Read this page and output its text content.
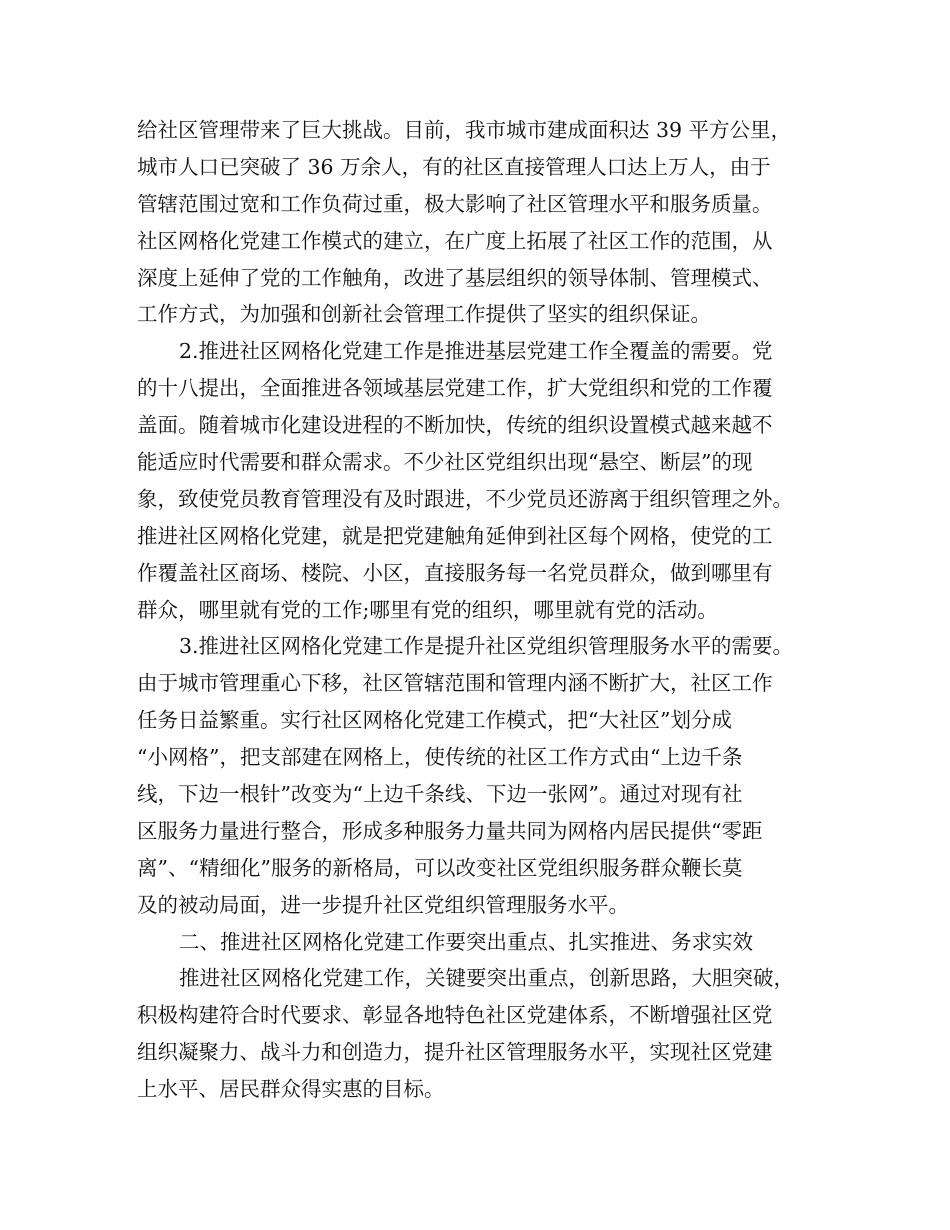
给社区管理带来了巨大挑战。目前，我市城市建成面积达 39 平方公里，

城市人口已突破了 36 万余人，有的社区直接管理人口达上万人，由于

管辖范围过宽和工作负荷过重，极大影响了社区管理水平和服务质量。

社区网格化党建工作模式的建立，在广度上拓展了社区工作的范围，从

深度上延伸了党的工作触角，改进了基层组织的领导体制、管理模式、

工作方式，为加强和创新社会管理工作提供了坚实的组织保证。

2.推进社区网格化党建工作是推进基层党建工作全覆盖的需要。党

的十八提出，全面推进各领域基层党建工作，扩大党组织和党的工作覆

盖面。随着城市化建设进程的不断加快，传统的组织设置模式越来越不

能适应时代需要和群众需求。不少社区党组织出现“悬空、断层”的现

象，致使党员教育管理没有及时跟进，不少党员还游离于组织管理之外。

推进社区网格化党建，就是把党建触角延伸到社区每个网格，使党的工

作覆盖社区商场、楼院、小区，直接服务每一名党员群众，做到哪里有

群众，哪里就有党的工作;哪里有党的组织，哪里就有党的活动。

3.推进社区网格化党建工作是提升社区党组织管理服务水平的需要。

由于城市管理重心下移，社区管辖范围和管理内涵不断扩大，社区工作

任务日益繁重。实行社区网格化党建工作模式，把“大社区”划分成

“小网格”，把支部建在网格上，使传统的社区工作方式由“上边千条

线，下边一根针”改变为“上边千条线、下边一张网”。通过对现有社

区服务力量进行整合，形成多种服务力量共同为网格内居民提供“零距

离”、“精细化”服务的新格局，可以改变社区党组织服务群众鞭长莫

及的被动局面，进一步提升社区党组织管理服务水平。

二、推进社区网格化党建工作要突出重点、扎实推进、务求实效

推进社区网格化党建工作，关键要突出重点，创新思路，大胆突破，

积极构建符合时代要求、彰显各地特色社区党建体系，不断增强社区党

组织凝聚力、战斗力和创造力，提升社区管理服务水平，实现社区党建

上水平、居民群众得实惠的目标。
